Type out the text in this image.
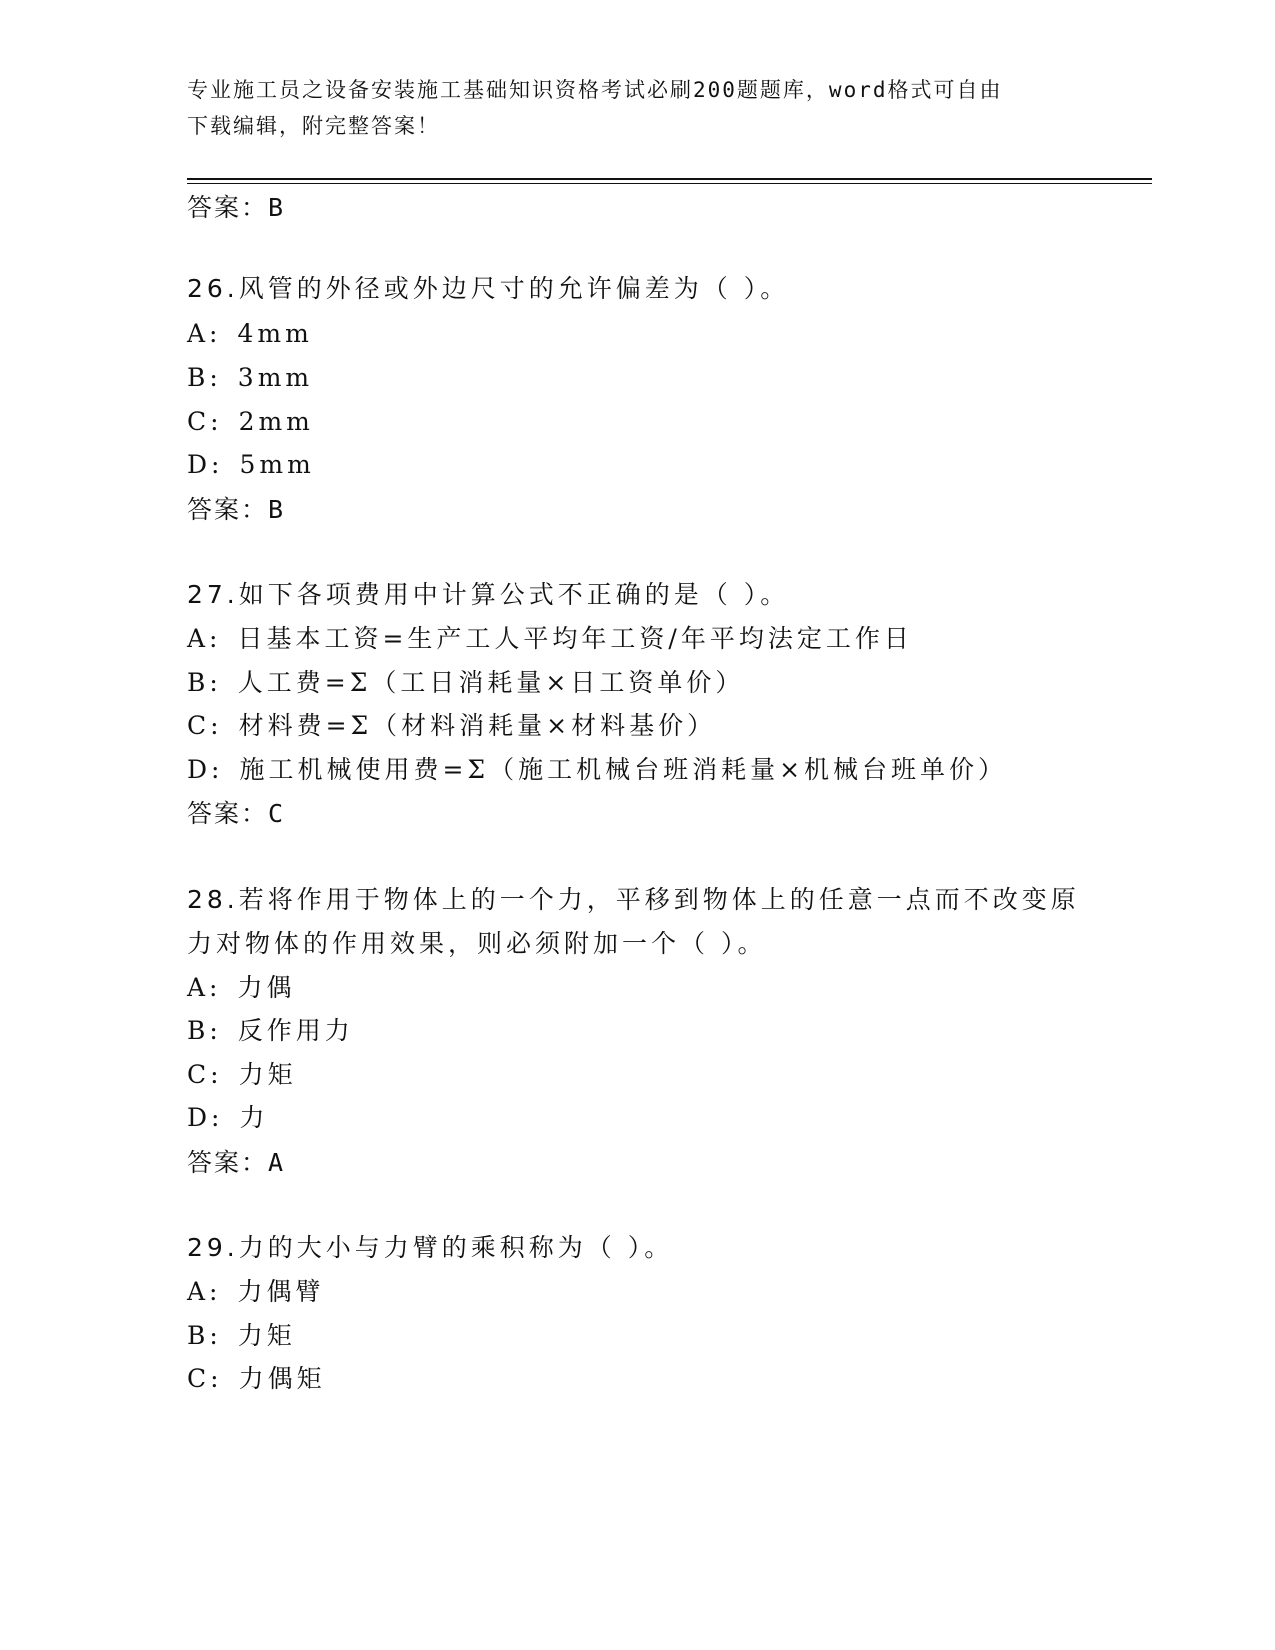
专业施工员之设备安装施工基础知识资格考试必刷200题题库，word格式可自由
下载编辑，附完整答案！
答案：B
26.风管的外径或外边尺寸的允许偏差为（ ）。
A: 4mm
B: 3mm
C: 2mm
D: 5mm
答案：B
27.如下各项费用中计算公式不正确的是（ ）。
A: 日基本工资=生产工人平均年工资/年平均法定工作日
B: 人工费=Σ（工日消耗量×日工资单价）
C: 材料费=Σ（材料消耗量×材料基价）
D: 施工机械使用费=Σ（施工机械台班消耗量×机械台班单价）
答案：C
28.若将作用于物体上的一个力，平移到物体上的任意一点而不改变原
力对物体的作用效果，则必须附加一个（ ）。
A: 力偶
B: 反作用力
C: 力矩
D: 力
答案：A
29.力的大小与力臂的乘积称为（ ）。
A: 力偶臂
B: 力矩
C: 力偶矩
